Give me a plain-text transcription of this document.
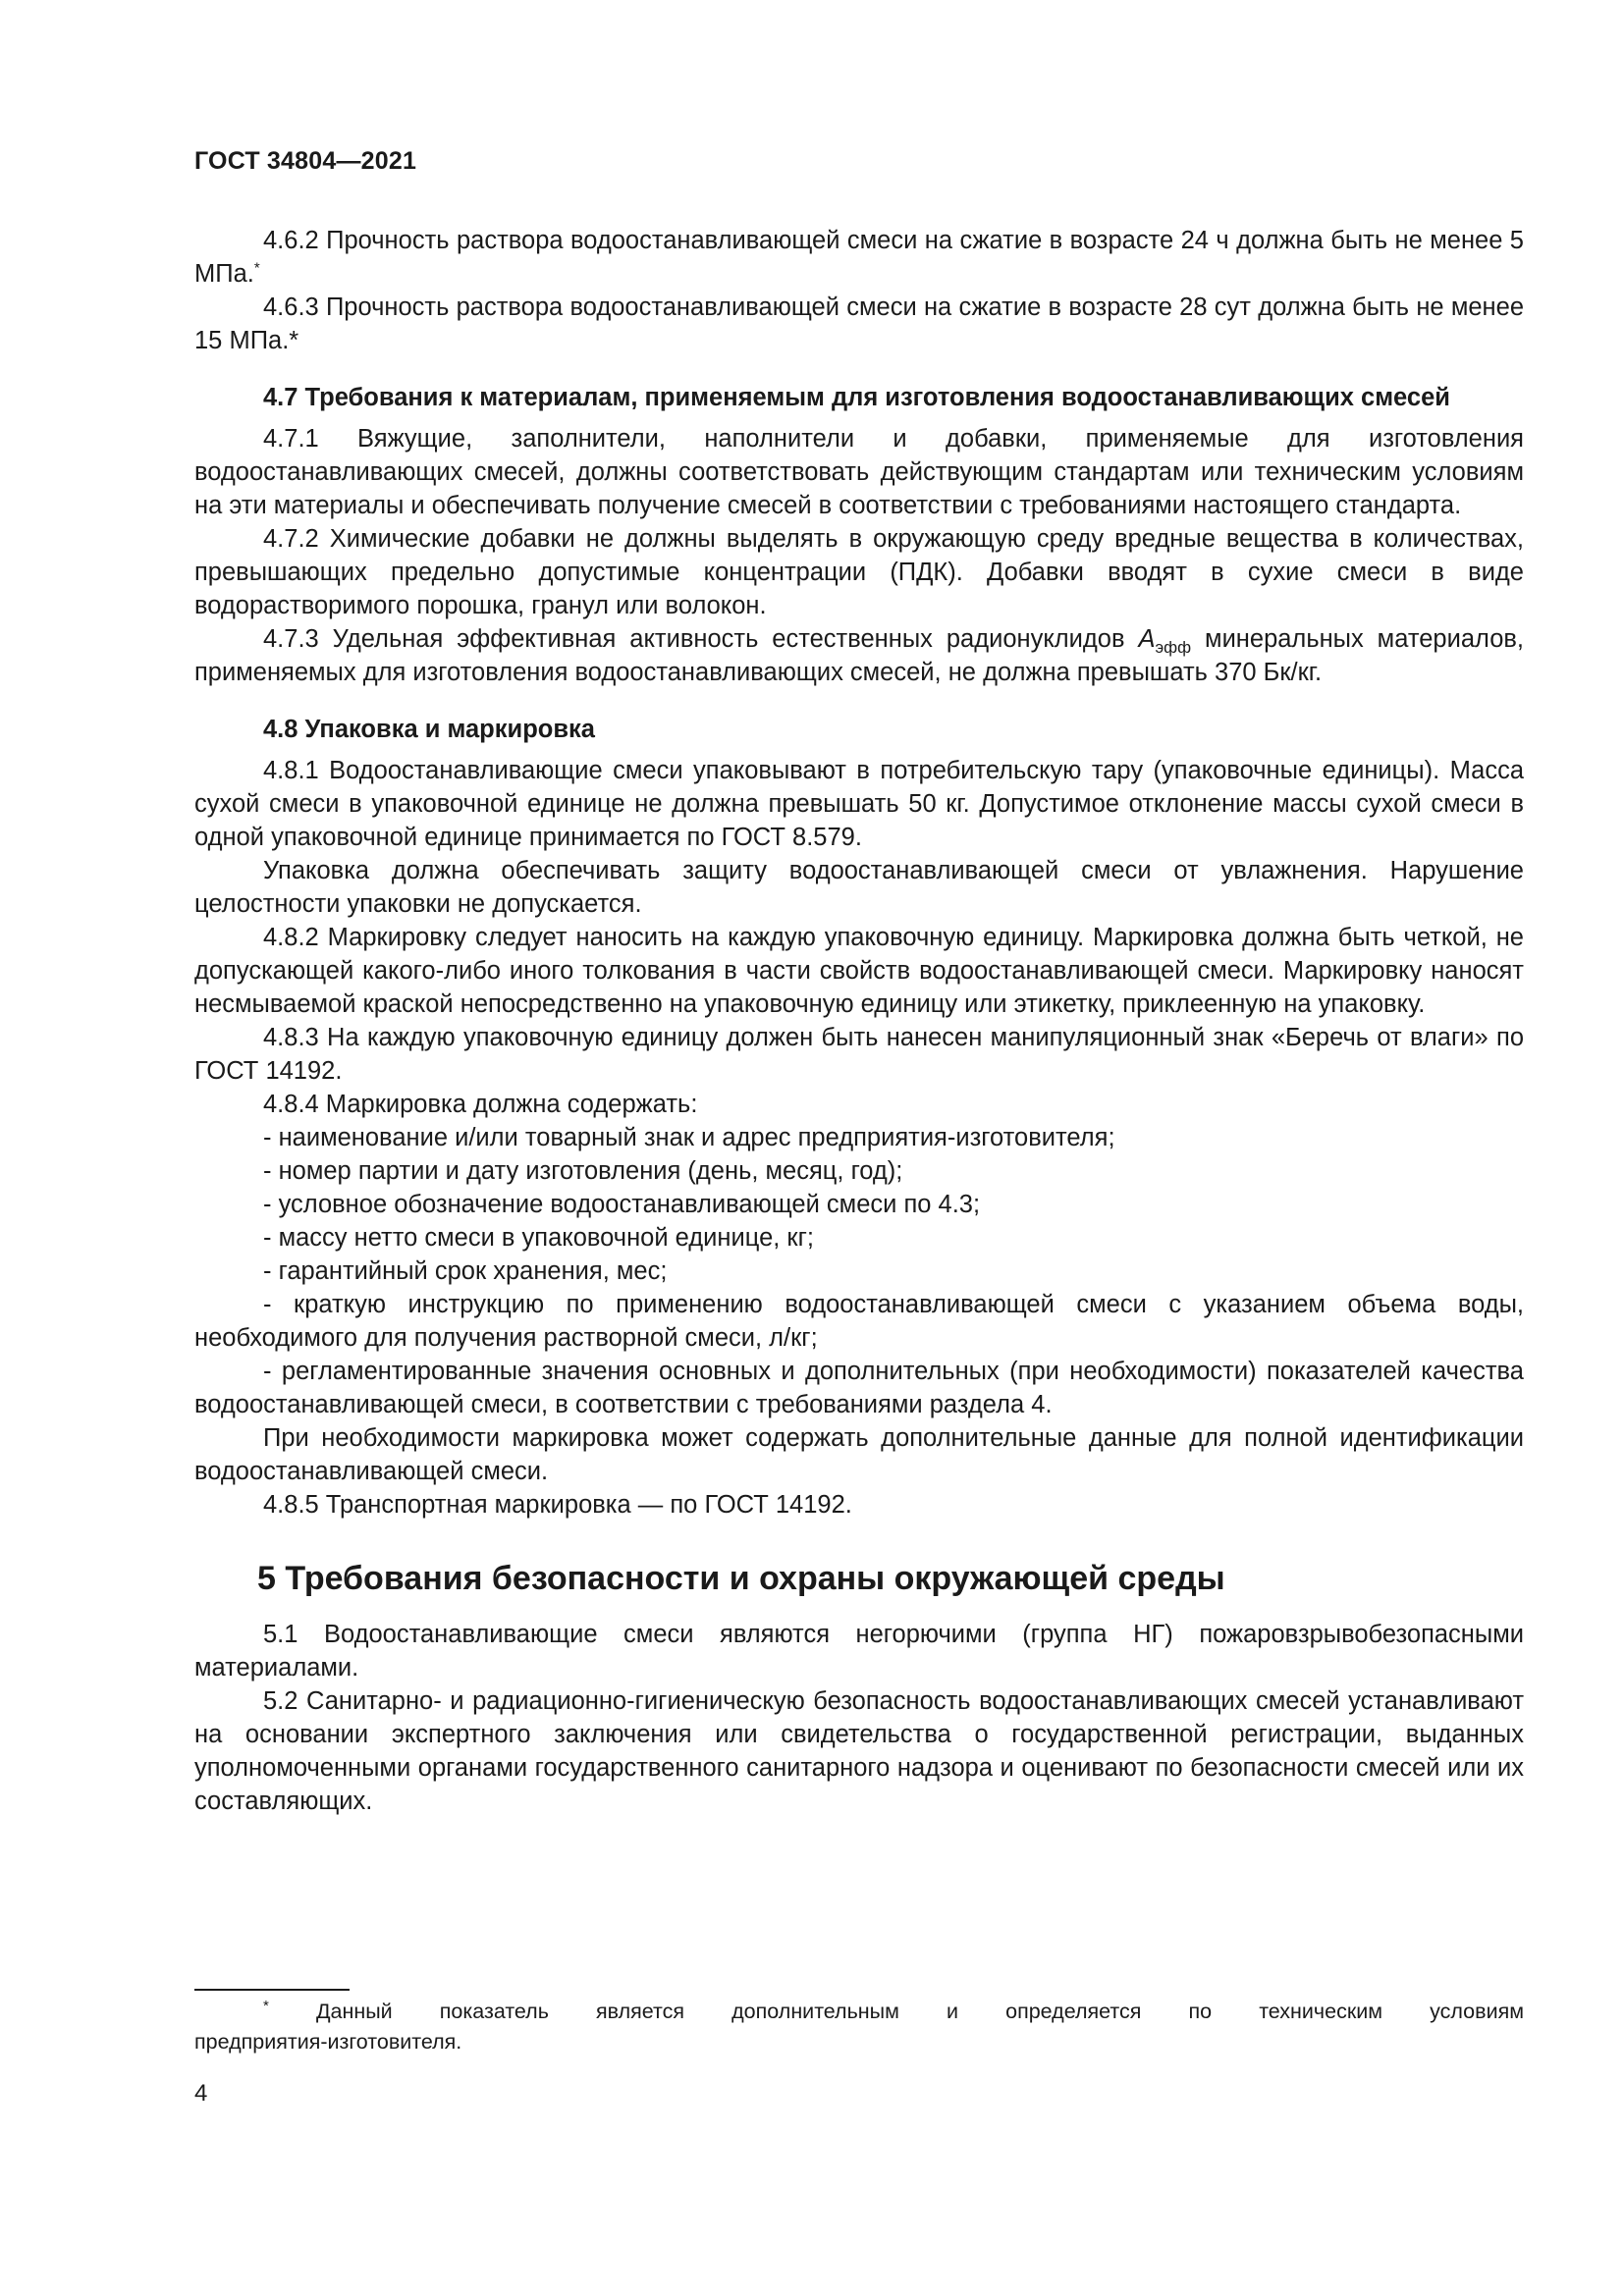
ГОСТ 34804—2021

4.6.2 Прочность раствора водоостанавливающей смеси на сжатие в возрасте 24 ч должна быть не менее 5 МПа.*

4.6.3 Прочность раствора водоостанавливающей смеси на сжатие в возрасте 28 сут должна быть не менее 15 МПа.*

4.7 Требования к материалам, применяемым для изготовления водоостанавливающих смесей

4.7.1 Вяжущие, заполнители, наполнители и добавки, применяемые для изготовления водоостанавливающих смесей, должны соответствовать действующим стандартам или техническим условиям на эти материалы и обеспечивать получение смесей в соответствии с требованиями настоящего стандарта.

4.7.2 Химические добавки не должны выделять в окружающую среду вредные вещества в количествах, превышающих предельно допустимые концентрации (ПДК). Добавки вводят в сухие смеси в виде водорастворимого порошка, гранул или волокон.

4.7.3 Удельная эффективная активность естественных радионуклидов $A_{эфф}$ минеральных материалов, применяемых для изготовления водоостанавливающих смесей, не должна превышать 370 Бк/кг.

4.8 Упаковка и маркировка

4.8.1 Водоостанавливающие смеси упаковывают в потребительскую тару (упаковочные единицы). Масса сухой смеси в упаковочной единице не должна превышать 50 кг. Допустимое отклонение массы сухой смеси в одной упаковочной единице принимается по ГОСТ 8.579.

Упаковка должна обеспечивать защиту водоостанавливающей смеси от увлажнения. Нарушение целостности упаковки не допускается.

4.8.2 Маркировку следует наносить на каждую упаковочную единицу. Маркировка должна быть четкой, не допускающей какого-либо иного толкования в части свойств водоостанавливающей смеси. Маркировку наносят несмываемой краской непосредственно на упаковочную единицу или этикетку, приклеенную на упаковку.

4.8.3 На каждую упаковочную единицу должен быть нанесен манипуляционный знак «Беречь от влаги» по ГОСТ 14192.

4.8.4 Маркировка должна содержать:

- наименование и/или товарный знак и адрес предприятия-изготовителя;

- номер партии и дату изготовления (день, месяц, год);

- условное обозначение водоостанавливающей смеси по 4.3;

- массу нетто смеси в упаковочной единице, кг;

- гарантийный срок хранения, мес;

- краткую инструкцию по применению водоостанавливающей смеси с указанием объема воды, необходимого для получения растворной смеси, л/кг;

- регламентированные значения основных и дополнительных (при необходимости) показателей качества водоостанавливающей смеси, в соответствии с требованиями раздела 4.

При необходимости маркировка может содержать дополнительные данные для полной идентификации водоостанавливающей смеси.

4.8.5 Транспортная маркировка — по ГОСТ 14192.

5 Требования безопасности и охраны окружающей среды

5.1 Водоостанавливающие смеси являются негорючими (группа НГ) пожаровзрывобезопасными материалами.

5.2 Санитарно- и радиационно-гигиеническую безопасность водоостанавливающих смесей устанавливают на основании экспертного заключения или свидетельства о государственной регистрации, выданных уполномоченными органами государственного санитарного надзора и оценивают по безопасности смесей или их составляющих.

* Данный показатель является дополнительным и определяется по техническим условиям
предприятия-изготовителя.
4
